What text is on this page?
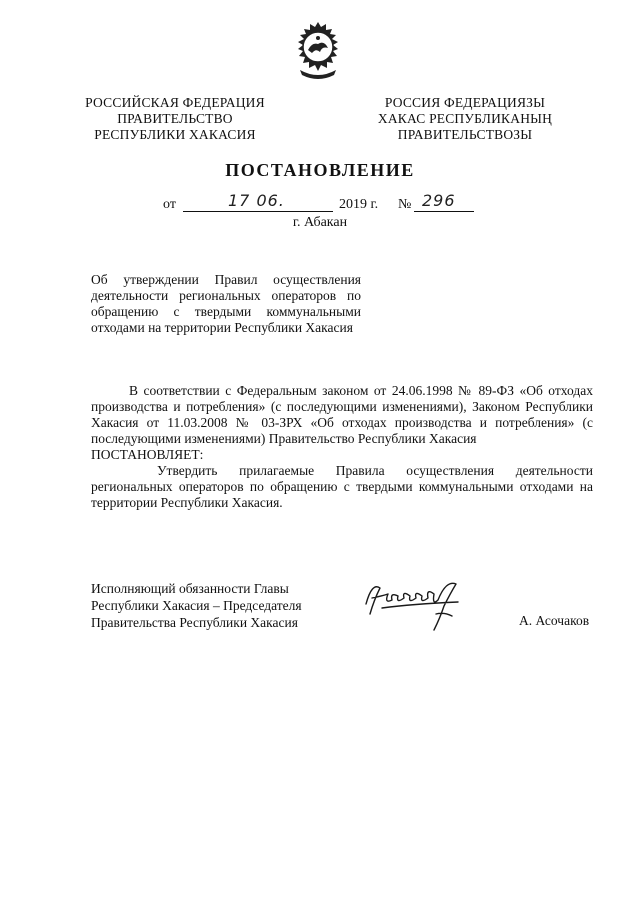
РОССИЙСКАЯ ФЕДЕРАЦИЯ
ПРАВИТЕЛЬСТВО
РЕСПУБЛИКИ ХАКАСИЯ
РОССИЯ ФЕДЕРАЦИЯЗЫ
ХАКАС РЕСПУБЛИКАНЫҢ
ПРАВИТЕЛЬСТВОЗЫ
ПОСТАНОВЛЕНИЕ
от	17 06.	2019 г. № 296
г. Абакан
Об утверждении Правил осуществления деятельности региональных операторов по обращению с твердыми коммунальными отходами на территории Республики Хакасия
В соответствии с Федеральным законом от 24.06.1998 № 89-ФЗ «Об отходах производства и потребления» (с последующими изменениями), Законом Республики Хакасия от 11.03.2008 № 03-ЗРХ «Об отходах производства и потребления» (с последующими изменениями) Правительство Республики Хакасия
ПОСТАНОВЛЯЕТ:
Утвердить прилагаемые Правила осуществления деятельности региональных операторов по обращению с твердыми коммунальными отходами на территории Республики Хакасия.
Исполняющий обязанности Главы
Республики Хакасия – Председателя
Правительства Республики Хакасия	А. Асочаков
